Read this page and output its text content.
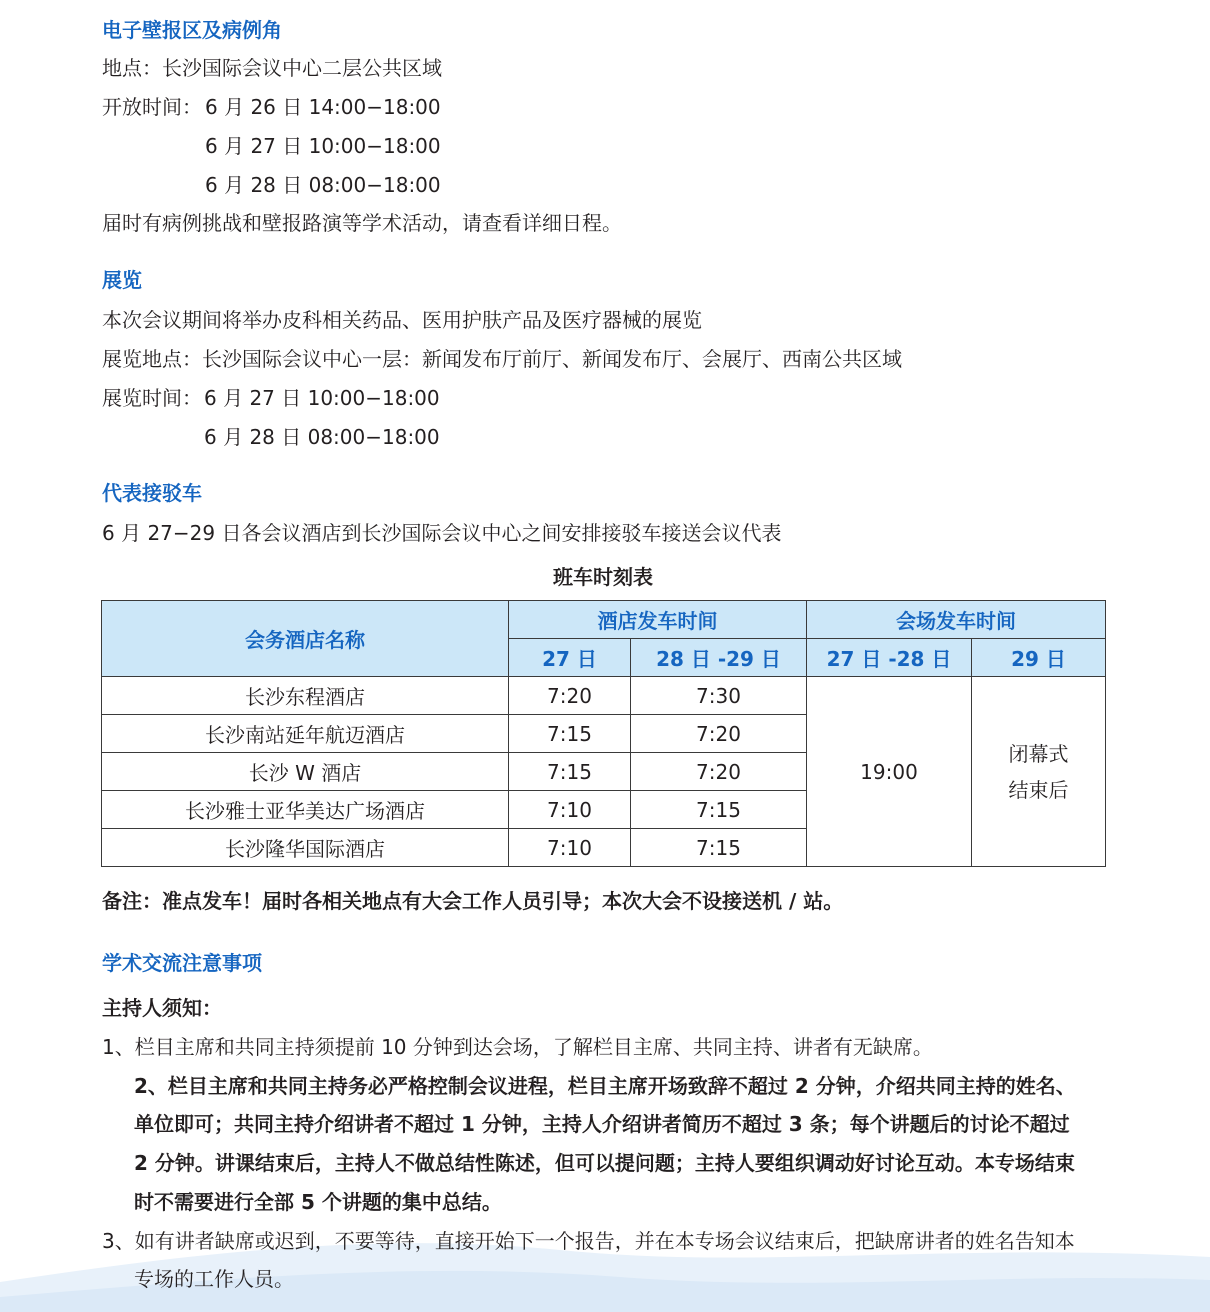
电子壁报区及病例角
地点：长沙国际会议中心二层公共区域
开放时间： 6 月 26 日 14:00−18:00
6 月 27 日 10:00−18:00
6 月 28 日 08:00−18:00
届时有病例挑战和壁报路演等学术活动，请查看详细日程。
展览
本次会议期间将举办皮科相关药品、医用护肤产品及医疗器械的展览
展览地点：长沙国际会议中心一层：新闻发布厅前厅、新闻发布厅、会展厅、西南公共区域
展览时间： 6 月 27 日 10:00−18:00
6 月 28 日 08:00−18:00
代表接驳车
6 月 27−29 日各会议酒店到长沙国际会议中心之间安排接驳车接送会议代表
班车时刻表
会务酒店名称	酒店发车时间		会场发车时间	
	27 日	28 日 -29 日	27 日 -28 日	29 日
长沙东程酒店	7:20	7:30	19:00	闭幕式
结束后

长沙南站延年航迈酒店	7:15	7:20		
长沙 W 酒店	7:15	7:20		
长沙雅士亚华美达广场酒店	7:10	7:15		
长沙隆华国际酒店	7:10	7:15		
备注：准点发车！届时各相关地点有大会工作人员引导；本次大会不设接送机 / 站。
学术交流注意事项
主持人须知：
1、栏目主席和共同主持须提前 10 分钟到达会场，了解栏目主席、共同主持、讲者有无缺席。
2、栏目主席和共同主持务必严格控制会议进程，栏目主席开场致辞不超过 2 分钟，介绍共同主持的姓名、
单位即可；共同主持介绍讲者不超过 1 分钟，主持人介绍讲者简历不超过 3 条；每个讲题后的讨论不超过
2 分钟。讲课结束后，主持人不做总结性陈述，但可以提问题；主持人要组织调动好讨论互动。本专场结束
时不需要进行全部 5 个讲题的集中总结。
3、如有讲者缺席或迟到，不要等待，直接开始下一个报告，并在本专场会议结束后，把缺席讲者的姓名告知本
专场的工作人员。
